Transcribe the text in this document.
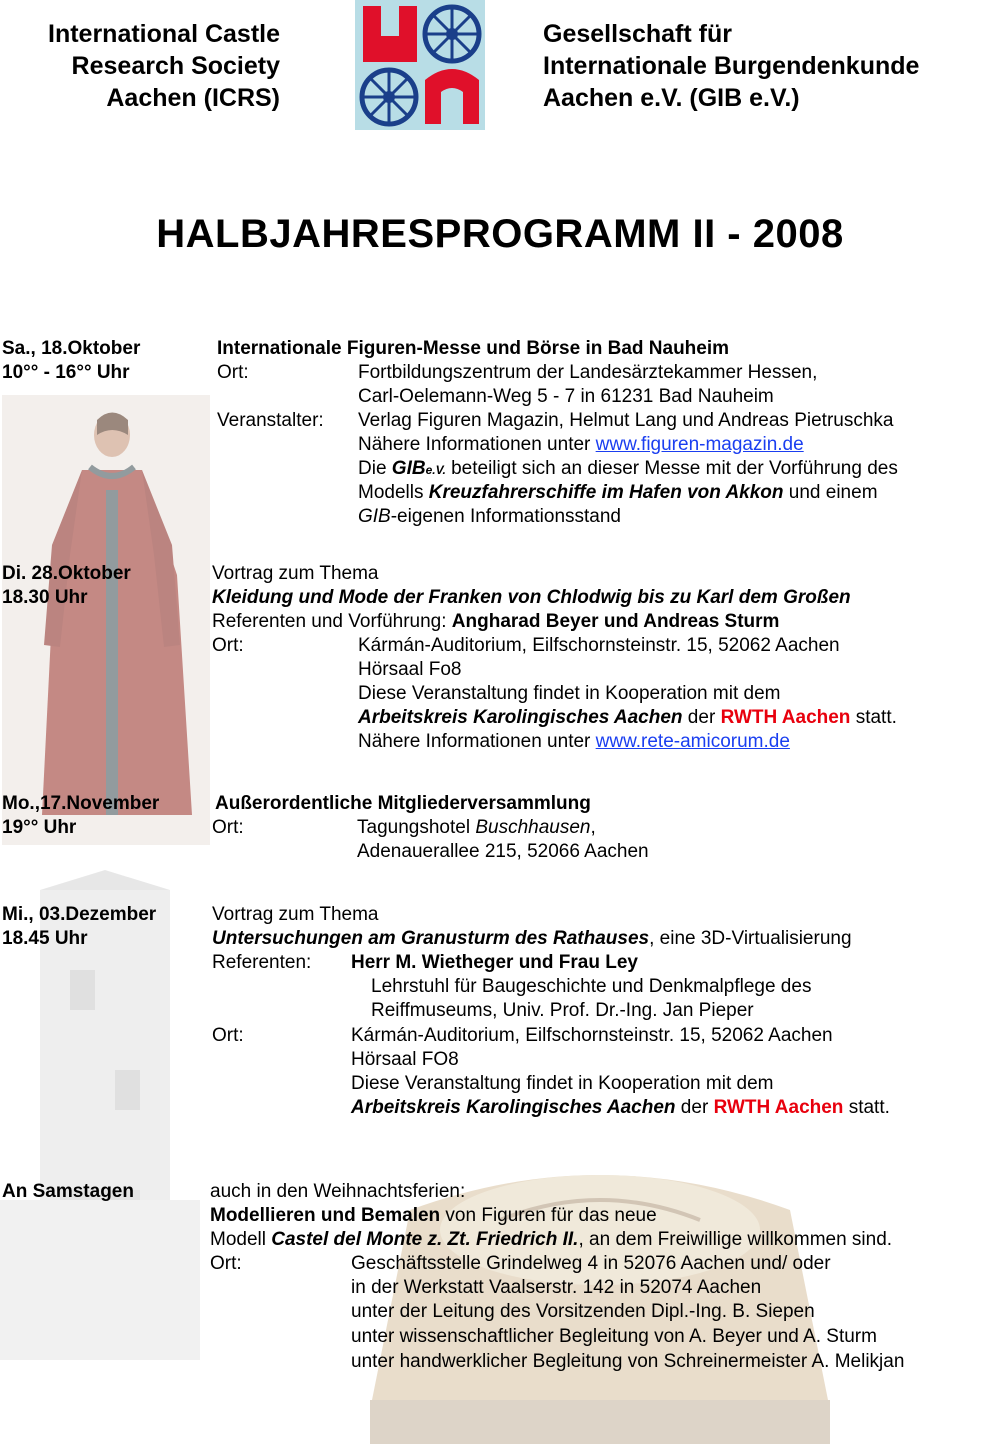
International Castle
Research Society
Aachen (ICRS)
Gesellschaft für
Internationale Burgendenkunde
Aachen e.V. (GIB e.V.)
HALBJAHRESPROGRAMM II - 2008
Sa., 18.Oktober
10°° - 16°° Uhr
Internationale Figuren-Messe und Börse in Bad Nauheim
Ort:	Fortbildungszentrum der Landesärztekammer Hessen,
Carl-Oelemann-Weg 5 - 7 in 61231 Bad Nauheim
Veranstalter: Verlag Figuren Magazin, Helmut Lang und Andreas Pietruschka
Nähere Informationen unter www.figuren-magazin.de
Die GIBe.V. beteiligt sich an dieser Messe mit der Vorführung des
Modells Kreuzfahrerschiffe im Hafen von Akkon und einem
GIB-eigenen Informationsstand
Di. 28.Oktober
18.30 Uhr
Vortrag zum Thema
Kleidung und Mode der Franken von Chlodwig bis zu Karl dem Großen
Referenten und Vorführung: Angharad Beyer und Andreas Sturm
Ort:	Kármán-Auditorium, Eilfschornsteinstr. 15, 52062 Aachen
Hörsaal Fo8
Diese Veranstaltung findet in Kooperation mit dem
Arbeitskreis Karolingisches Aachen der RWTH Aachen statt.
Nähere Informationen unter www.rete-amicorum.de
Mo.,17.November
19°° Uhr
Außerordentliche Mitgliederversammlung
Ort:	Tagungshotel Buschhausen,
Adenauerallee 215, 52066 Aachen
Mi., 03.Dezember
18.45 Uhr
Vortrag zum Thema
Untersuchungen am Granusturm des Rathauses, eine 3D-Virtualisierung
Referenten: Herr M. Wietheger und Frau Ley
Lehrstuhl für Baugeschichte und Denkmalpflege des
Reiffmuseums, Univ. Prof. Dr.-Ing. Jan Pieper
Ort:	Kármán-Auditorium, Eilfschornsteinstr. 15, 52062 Aachen
Hörsaal FO8
Diese Veranstaltung findet in Kooperation mit dem
Arbeitskreis Karolingisches Aachen der RWTH Aachen statt.
An Samstagen	auch in den Weihnachtsferien:
Modellieren und Bemalen von Figuren für das neue
Modell Castel del Monte z. Zt. Friedrich II., an dem Freiwillige willkommen sind.
Ort:	Geschäftsstelle Grindelweg 4 in 52076 Aachen und/ oder
in der Werkstatt Vaalserstr. 142 in 52074 Aachen
unter der Leitung des Vorsitzenden Dipl.-Ing. B. Siepen
unter wissenschaftlicher Begleitung von A. Beyer und A. Sturm
unter handwerklicher Begleitung von Schreinermeister A. Melikjan
